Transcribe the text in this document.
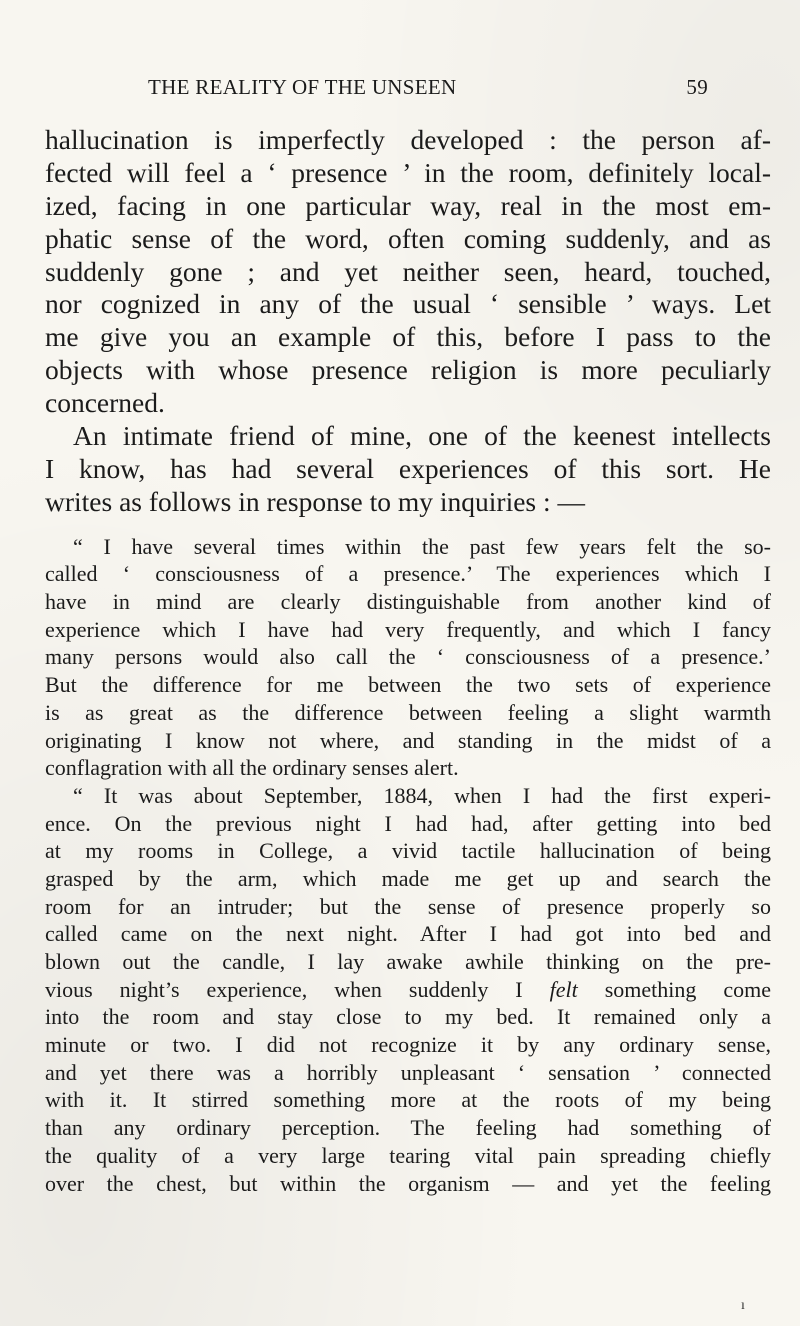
THE REALITY OF THE UNSEEN	59
hallucination is imperfectly developed : the person af-
fected will feel a ‘ presence ’ in the room, definitely local-
ized, facing in one particular way, real in the most em-
phatic sense of the word, often coming suddenly, and as
suddenly gone ; and yet neither seen, heard, touched,
nor cognized in any of the usual ‘ sensible ’ ways. Let
me give you an example of this, before I pass to the
objects with whose presence religion is more peculiarly
concerned.
An intimate friend of mine, one of the keenest intellects
I know, has had several experiences of this sort. He
writes as follows in response to my inquiries : —
“ I have several times within the past few years felt the so-
called ‘ consciousness of a presence.’ The experiences which I
have in mind are clearly distinguishable from another kind of
experience which I have had very frequently, and which I fancy
many persons would also call the ‘ consciousness of a presence.’
But the difference for me between the two sets of experience
is as great as the difference between feeling a slight warmth
originating I know not where, and standing in the midst of a
conflagration with all the ordinary senses alert.
“ It was about September, 1884, when I had the first experi-
ence. On the previous night I had had, after getting into bed
at my rooms in College, a vivid tactile hallucination of being
grasped by the arm, which made me get up and search the
room for an intruder; but the sense of presence properly so
called came on the next night. After I had got into bed and
blown out the candle, I lay awake awhile thinking on the pre-
vious night’s experience, when suddenly I felt something come
into the room and stay close to my bed. It remained only a
minute or two. I did not recognize it by any ordinary sense,
and yet there was a horribly unpleasant ‘ sensation ’ connected
with it. It stirred something more at the roots of my being
than any ordinary perception. The feeling had something of
the quality of a very large tearing vital pain spreading chiefly
over the chest, but within the organism — and yet the feeling
ı
